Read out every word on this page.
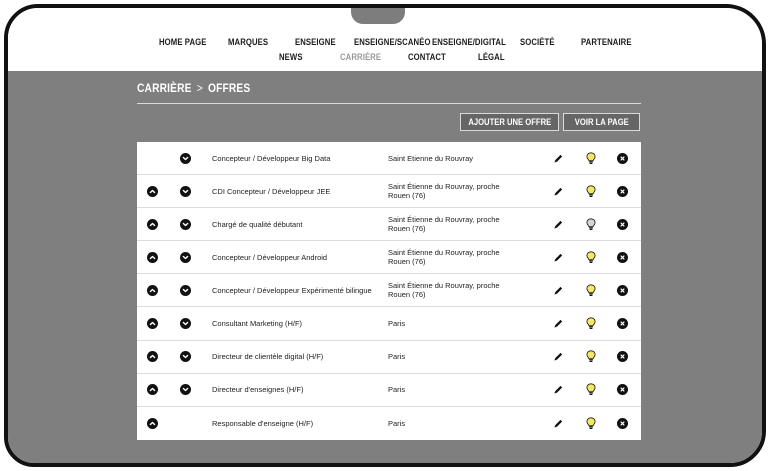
HOME PAGE MARQUES	ENSEIGNE ENSEIGNE/SCANÉO ENSEIGNE/DIGITAL SOCIÉTÉ	PARTENAIRE
NEWS	CARRIÈRE	CONTACT	LÉGAL
CARRIÈRE > OFFRES
AJOUTER UNE OFFRE	VOIR LA PAGE
Concepteur / Développeur Big Data	Saint Etienne du Rouvray
CDI Concepteur / Développeur JEE	Saint Étienne du Rouvray, proche Rouen (76)
Chargé de qualité débutant	Saint Étienne du Rouvray, proche Rouen (76)
Concepteur / Développeur Android	Saint Étienne du Rouvray, proche Rouen (76)
Concepteur / Développeur Expérimenté bilingue	Saint Étienne du Rouvray, proche Rouen (76)
Consultant Marketing (H/F)	Paris
Directeur de clientèle digital (H/F)	Paris
Directeur d'enseignes (H/F)	Paris
Responsable d'enseigne (H/F)	Paris
